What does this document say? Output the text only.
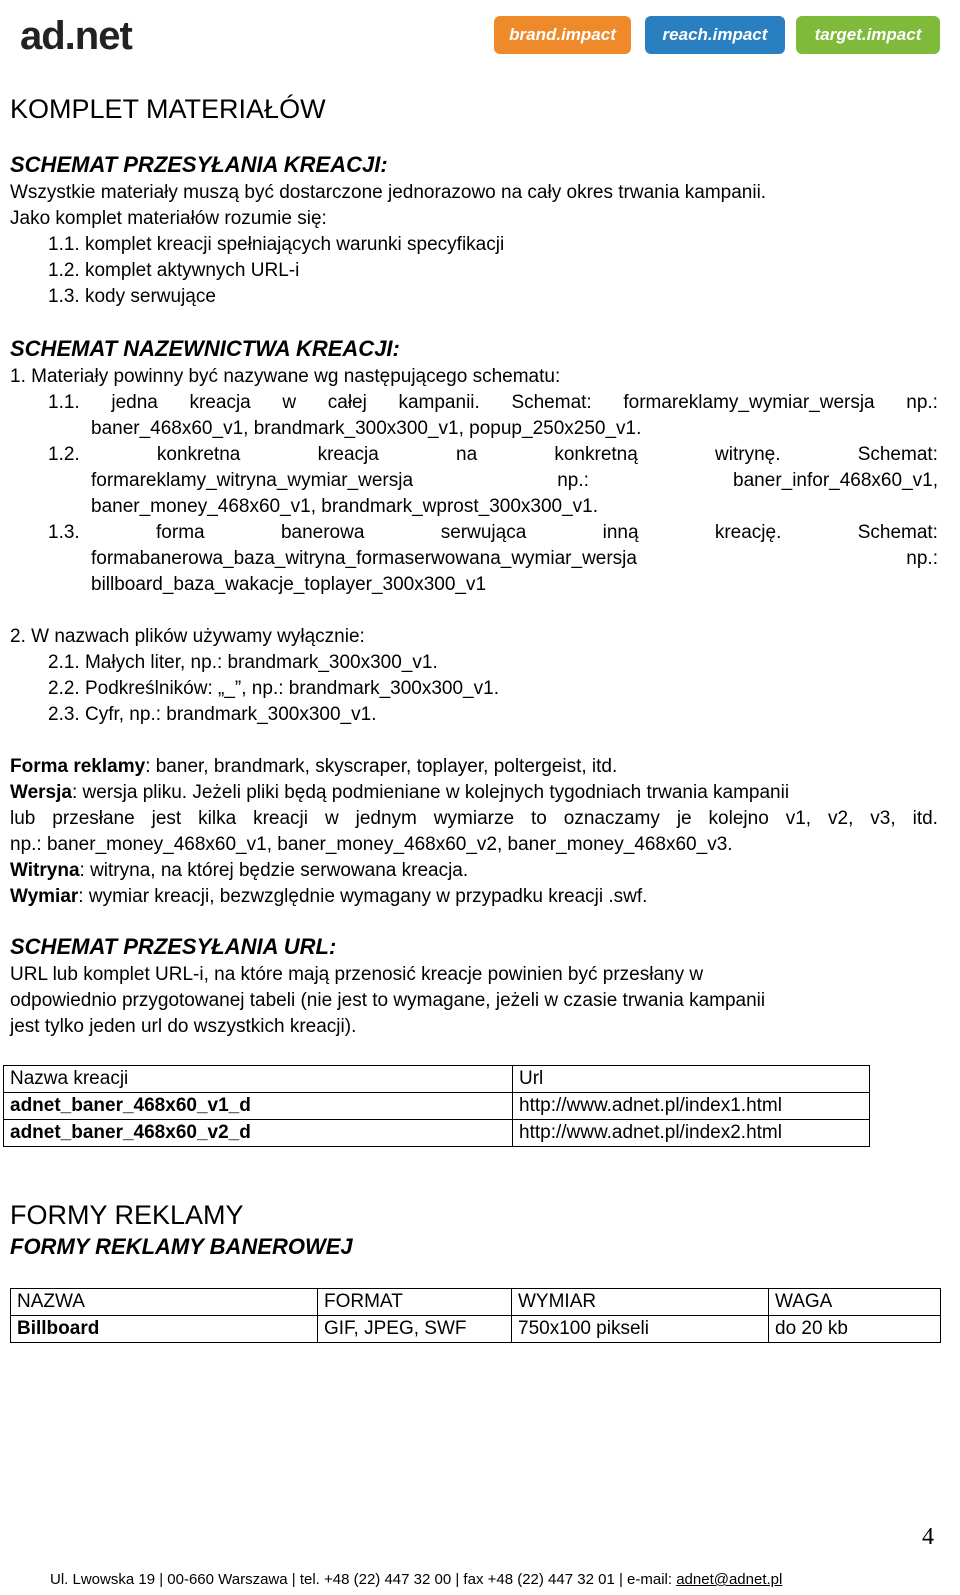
ad.net	brand.impact	reach.impact	target.impact
KOMPLET MATERIAŁÓW
SCHEMAT PRZESYŁANIA KREACJI:
Wszystkie materiały muszą być dostarczone jednorazowo na cały okres trwania kampanii.
Jako komplet materiałów rozumie się:
1.1. komplet kreacji spełniających warunki specyfikacji
1.2. komplet aktywnych URL-i
1.3. kody serwujące
SCHEMAT NAZEWNICTWA KREACJI:
1. Materiały powinny być nazywane wg następującego schematu:
1.1. jedna kreacja w całej kampanii. Schemat: formareklamy_wymiar_wersja np.:
baner_468x60_v1, brandmark_300x300_v1, popup_250x250_v1.
1.2.	konkretna	kreacja	na	konkretną	witrynę.	Schemat:
formareklamy_witryna_wymiar_wersja	np.:	baner_infor_468x60_v1,
baner_money_468x60_v1, brandmark_wprost_300x300_v1.
1.3.	forma	banerowa	serwująca	inną	kreację.	Schemat:
formabanerowa_baza_witryna_formaserwowana_wymiar_wersja	np.:
billboard_baza_wakacje_toplayer_300x300_v1
2. W nazwach plików używamy wyłącznie:
2.1. Małych liter, np.: brandmark_300x300_v1.
2.2. Podkreślników: „_”, np.: brandmark_300x300_v1.
2.3. Cyfr, np.: brandmark_300x300_v1.
Forma reklamy: baner, brandmark, skyscraper, toplayer, poltergeist, itd.
Wersja: wersja pliku. Jeżeli pliki będą podmieniane w kolejnych tygodniach trwania kampanii
lub przesłane jest kilka kreacji w jednym wymiarze to oznaczamy je kolejno v1, v2, v3, itd.
np.: baner_money_468x60_v1, baner_money_468x60_v2, baner_money_468x60_v3.
Witryna: witryna, na której będzie serwowana kreacja.
Wymiar: wymiar kreacji, bezwzględnie wymagany w przypadku kreacji .swf.
SCHEMAT PRZESYŁANIA URL:
URL lub komplet URL-i, na które mają przenosić kreacje powinien być przesłany w
odpowiednio przygotowanej tabeli (nie jest to wymagane, jeżeli w czasie trwania kampanii
jest tylko jeden url do wszystkich kreacji).
Nazwa kreacji	Url
adnet_baner_468x60_v1_d	http://www.adnet.pl/index1.html
adnet_baner_468x60_v2_d	http://www.adnet.pl/index2.html
FORMY REKLAMY
FORMY REKLAMY BANEROWEJ
NAZWA	FORMAT	WYMIAR	WAGA
Billboard	GIF, JPEG, SWF	750x100 pikseli	do 20 kb
4
Ul. Lwowska 19 | 00-660 Warszawa | tel. +48 (22) 447 32 00 | fax +48 (22) 447 32 01 | e-mail: adnet@adnet.pl
